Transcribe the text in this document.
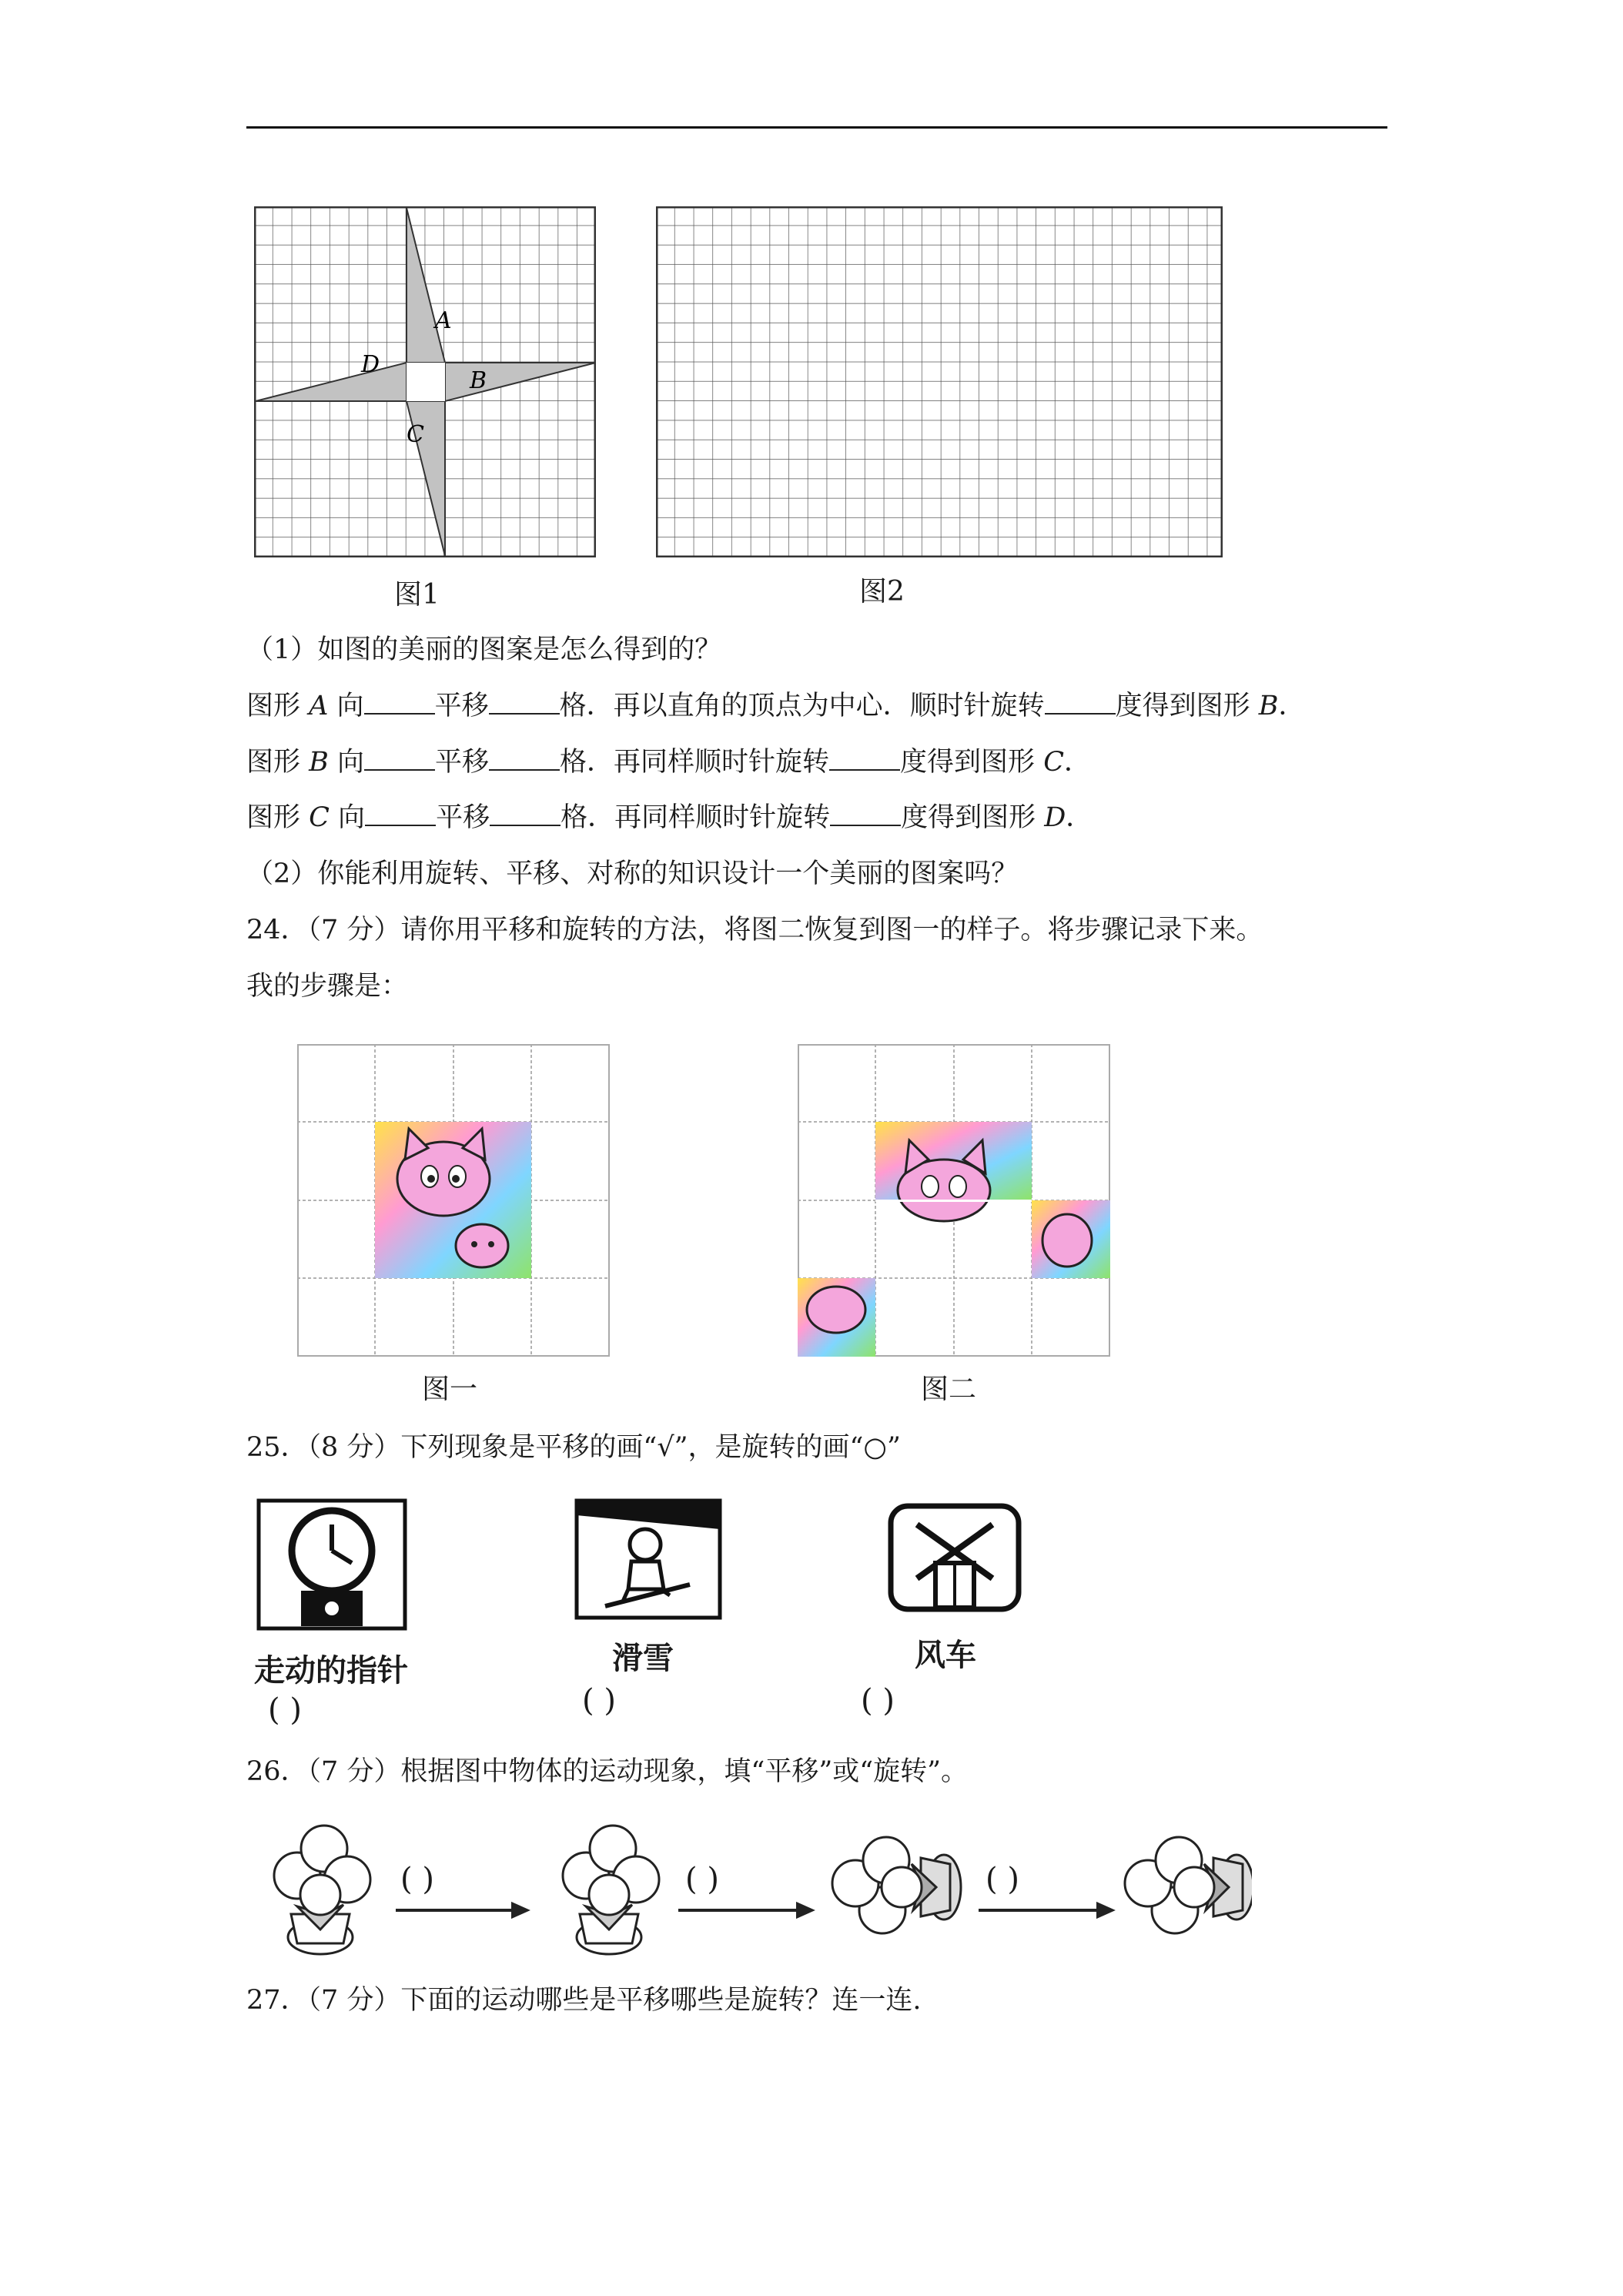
A
B
C
D
图1	图2
（1）如图的美丽的图案是怎么得到的？
图形 A 向	平移	格．再以直角的顶点为中心．顺时针旋转	度得到图形 B．
图形 B 向	平移	格．再同样顺时针旋转	度得到图形 C．
图形 C 向	平移	格．再同样顺时针旋转	度得到图形 D．
（2）你能利用旋转、平移、对称的知识设计一个美丽的图案吗？
24．（7 分）请你用平移和旋转的方法，将图二恢复到图一的样子。将步骤记录下来。
我的步骤是：
图一	图二
25．（8 分）下列现象是平移的画“√”，是旋转的画“○”
走动的指针
( )
滑雪
( )
风车
( )
26．（7 分）根据图中物体的运动现象，填“平移”或“旋转”。
( )	( )	( )
27．（7 分）下面的运动哪些是平移哪些是旋转？连一连.
